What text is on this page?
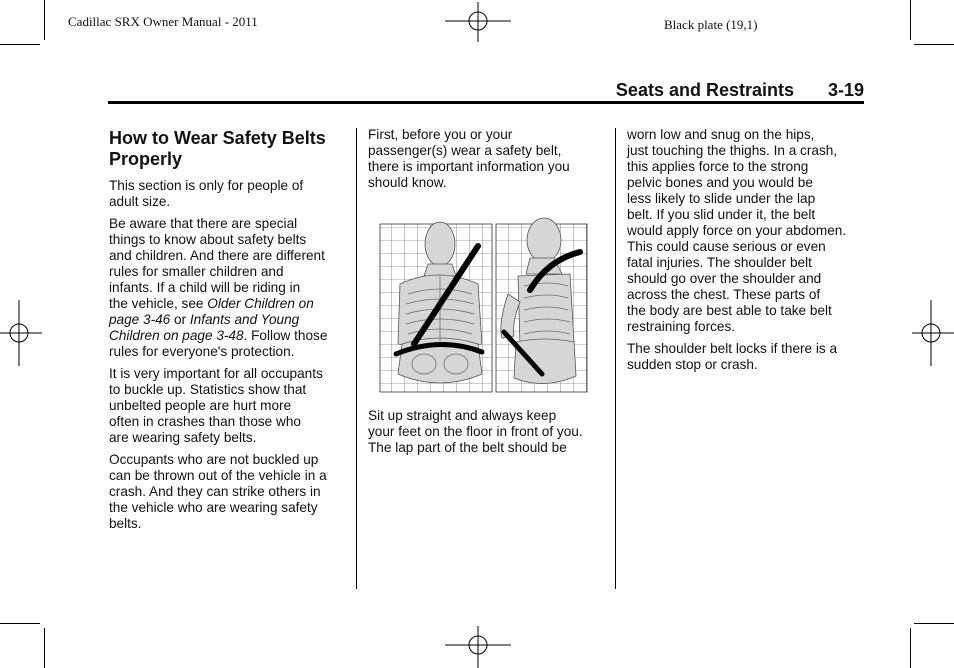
Cadillac SRX Owner Manual - 2011	Black plate (19,1)
Seats and Restraints 3-19
How to Wear Safety Belts
Properly

This section is only for people of
adult size.

Be aware that there are special
things to know about safety belts
and children. And there are different
rules for smaller children and
infants. If a child will be riding in
the vehicle, see Older Children on
page 3-46 or Infants and Young
Children on page 3-48. Follow those
rules for everyone's protection.

It is very important for all occupants
to buckle up. Statistics show that
unbelted people are hurt more
often in crashes than those who
are wearing safety belts.

Occupants who are not buckled up
can be thrown out of the vehicle in a
crash. And they can strike others in
the vehicle who are wearing safety
belts.

First, before you or your
passenger(s) wear a safety belt,
there is important information you
should know.

Sit up straight and always keep
your feet on the floor in front of you.
The lap part of the belt should be

worn low and snug on the hips,
just touching the thighs. In a crash,
this applies force to the strong
pelvic bones and you would be
less likely to slide under the lap
belt. If you slid under it, the belt
would apply force on your abdomen.
This could cause serious or even
fatal injuries. The shoulder belt
should go over the shoulder and
across the chest. These parts of
the body are best able to take belt
restraining forces.

The shoulder belt locks if there is a
sudden stop or crash.
